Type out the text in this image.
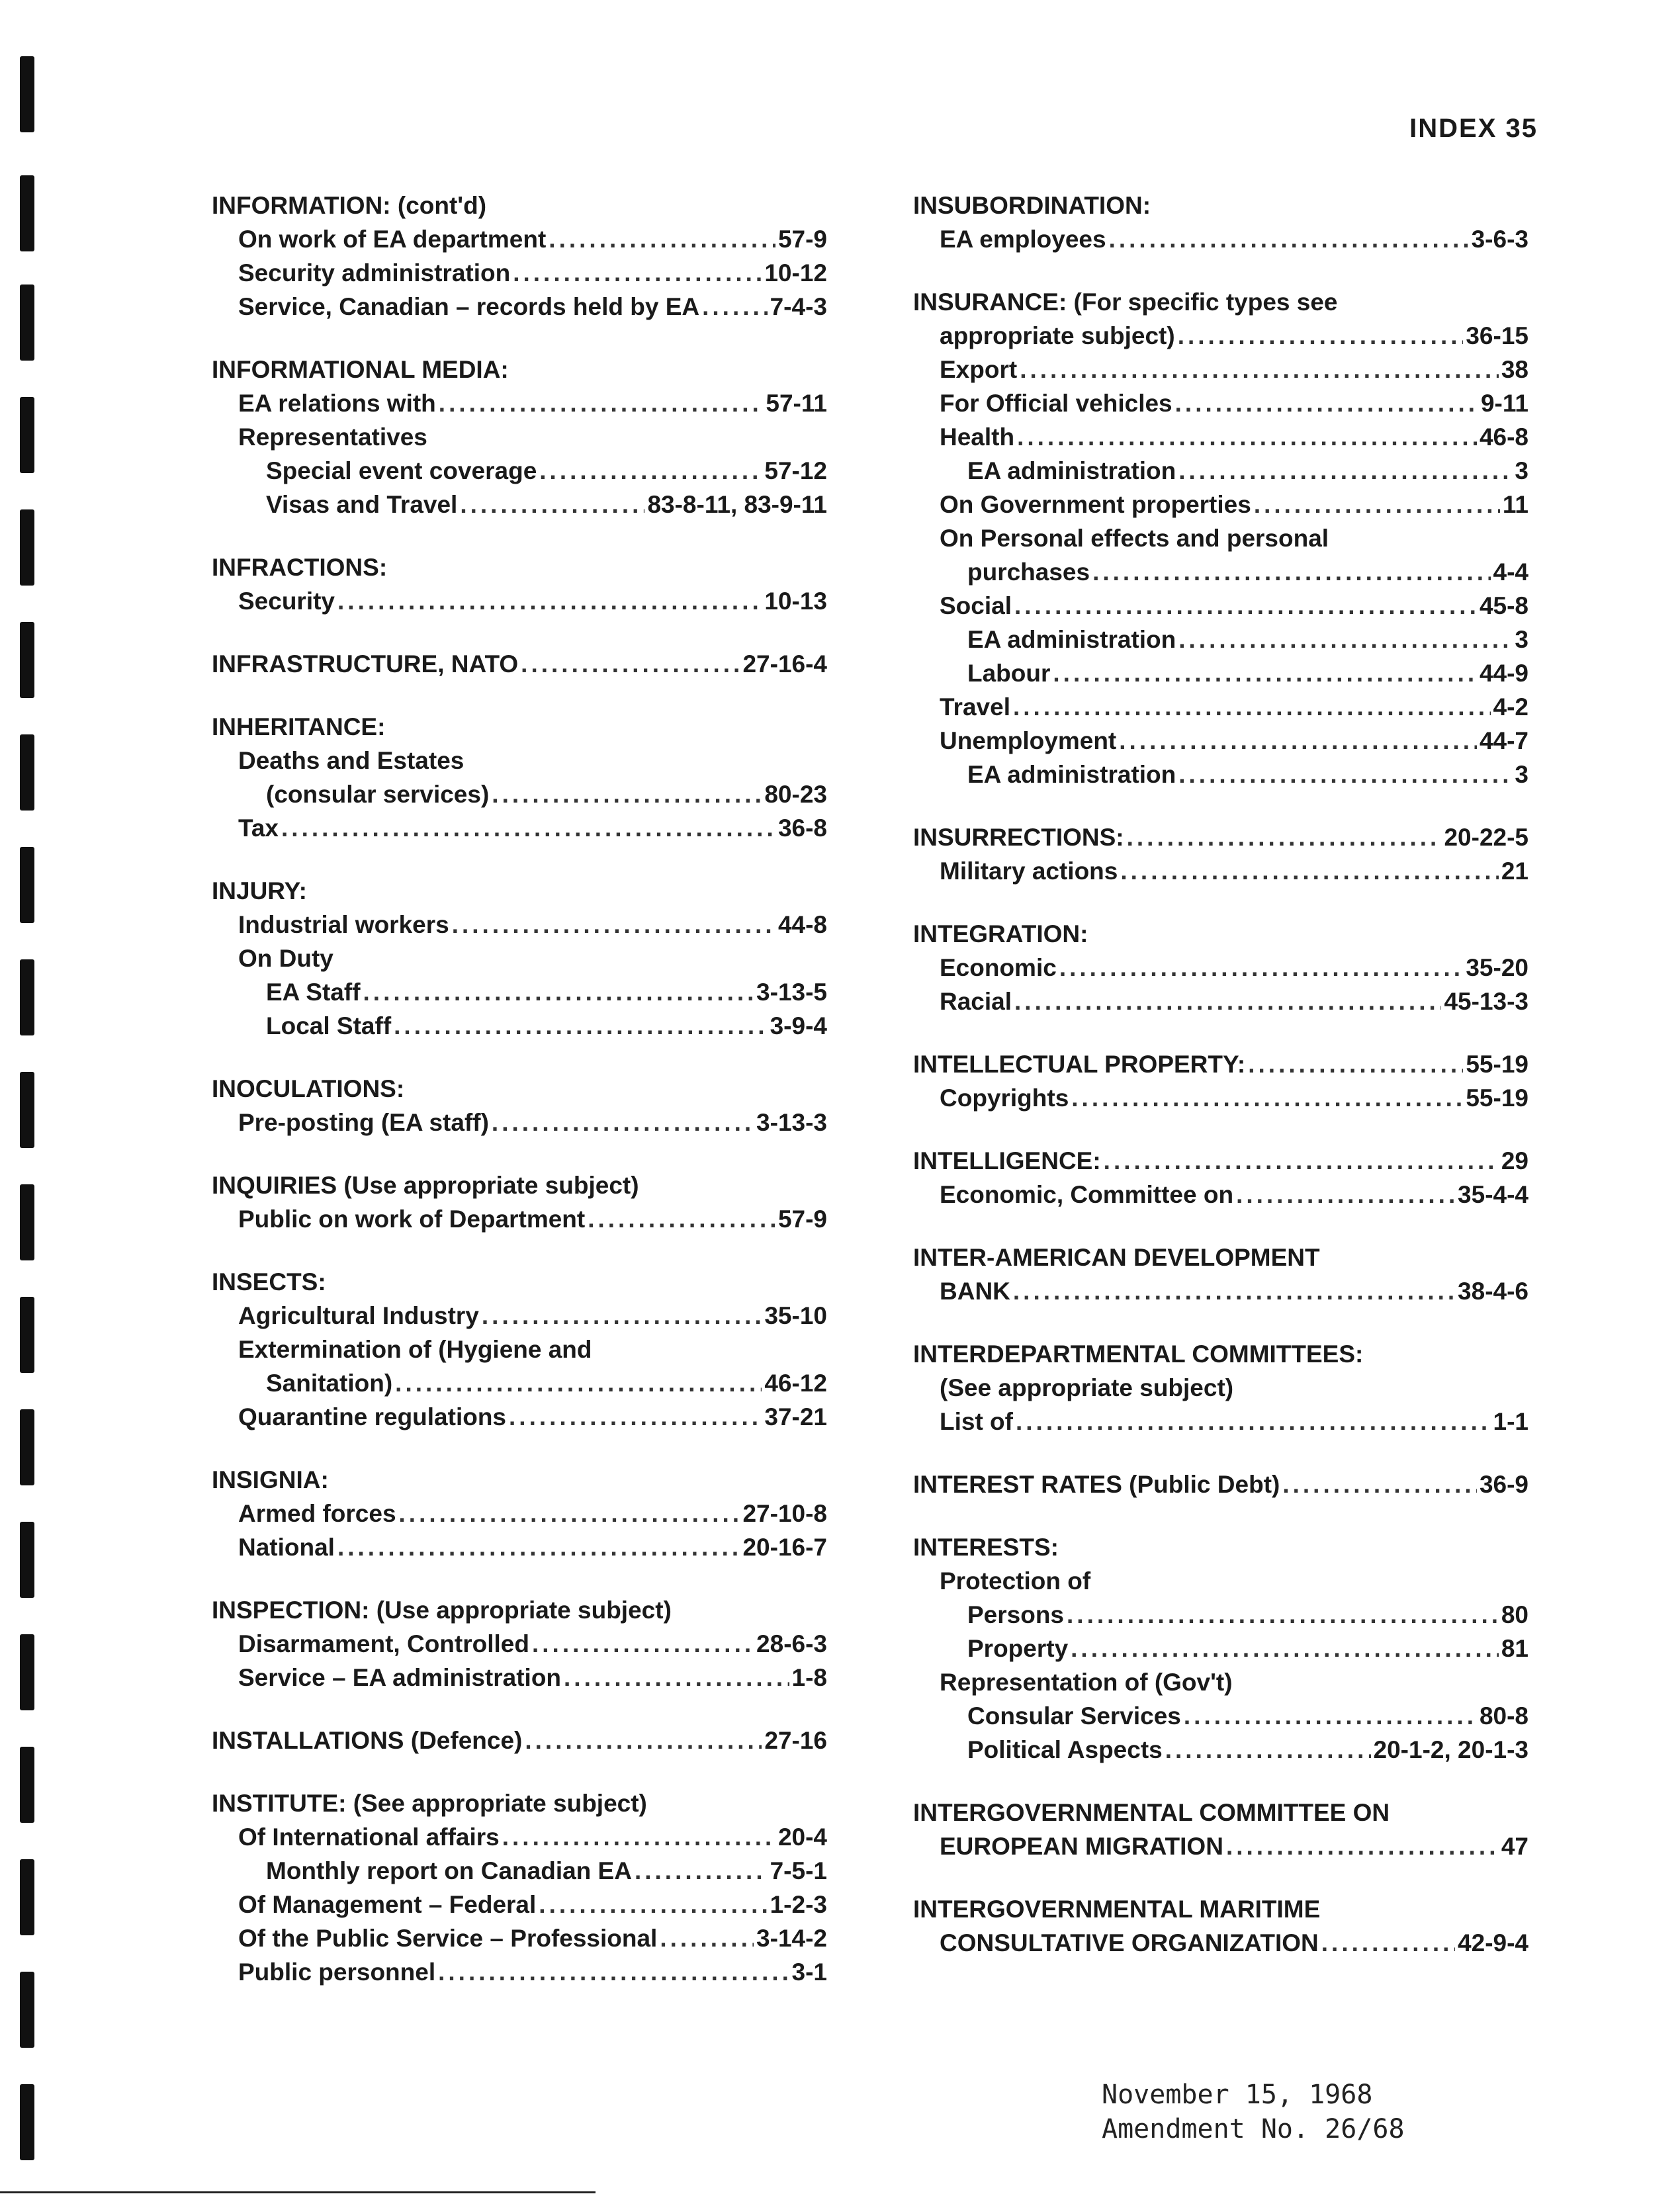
INDEX 35
INFORMATION: (cont'd)
On work of EA department .....	57-9
Security administration .....	10-12
Service, Canadian – records held by EA .....	7-4-3
INFORMATIONAL MEDIA:
EA relations with .....	57-11
Representatives
Special event coverage .....	57-12
Visas and Travel .....	83-8-11, 83-9-11
INFRACTIONS:
Security .....	10-13
INFRASTRUCTURE, NATO .....	27-16-4
INHERITANCE:
Deaths and Estates
(consular services) .....	80-23
Tax .....	36-8
INJURY:
Industrial workers .....	44-8
On Duty
EA Staff .....	3-13-5
Local Staff .....	3-9-4
INOCULATIONS:
Pre-posting (EA staff) .....	3-13-3
INQUIRIES (Use appropriate subject)
Public on work of Department .....	57-9
INSECTS:
Agricultural Industry .....	35-10
Extermination of (Hygiene and
Sanitation) .....	46-12
Quarantine regulations .....	37-21
INSIGNIA:
Armed forces .....	27-10-8
National .....	20-16-7
INSPECTION: (Use appropriate subject)
Disarmament, Controlled .....	28-6-3
Service – EA administration .....	1-8
INSTALLATIONS (Defence) .....	27-16
INSTITUTE: (See appropriate subject)
Of International affairs .....	20-4
Monthly report on Canadian EA .....	7-5-1
Of Management – Federal .....	1-2-3
Of the Public Service – Professional .....	3-14-2
Public personnel .....	3-1
INSUBORDINATION:
EA employees .....	3-6-3
INSURANCE: (For specific types see
appropriate subject) .....	36-15
Export .....	38
For Official vehicles .....	9-11
Health .....	46-8
EA administration .....	3
On Government properties .....	11
On Personal effects and personal
purchases .....	4-4
Social .....	45-8
EA administration .....	3
Labour .....	44-9
Travel .....	4-2
Unemployment .....	44-7
EA administration .....	3
INSURRECTIONS: .....	20-22-5
Military actions .....	21
INTEGRATION:
Economic .....	35-20
Racial .....	45-13-3
INTELLECTUAL PROPERTY: .....	55-19
Copyrights .....	55-19
INTELLIGENCE: .....	29
Economic, Committee on .....	35-4-4
INTER-AMERICAN DEVELOPMENT
BANK .....	38-4-6
INTERDEPARTMENTAL COMMITTEES:
(See appropriate subject)
List of .....	1-1
INTEREST RATES (Public Debt) .....	36-9
INTERESTS:
Protection of
Persons .....	80
Property .....	81
Representation of (Gov't)
Consular Services .....	80-8
Political Aspects .....	20-1-2, 20-1-3
INTERGOVERNMENTAL COMMITTEE ON
EUROPEAN MIGRATION .....	47
INTERGOVERNMENTAL MARITIME
CONSULTATIVE ORGANIZATION .....	42-9-4
November 15, 1968
Amendment No. 26/68
